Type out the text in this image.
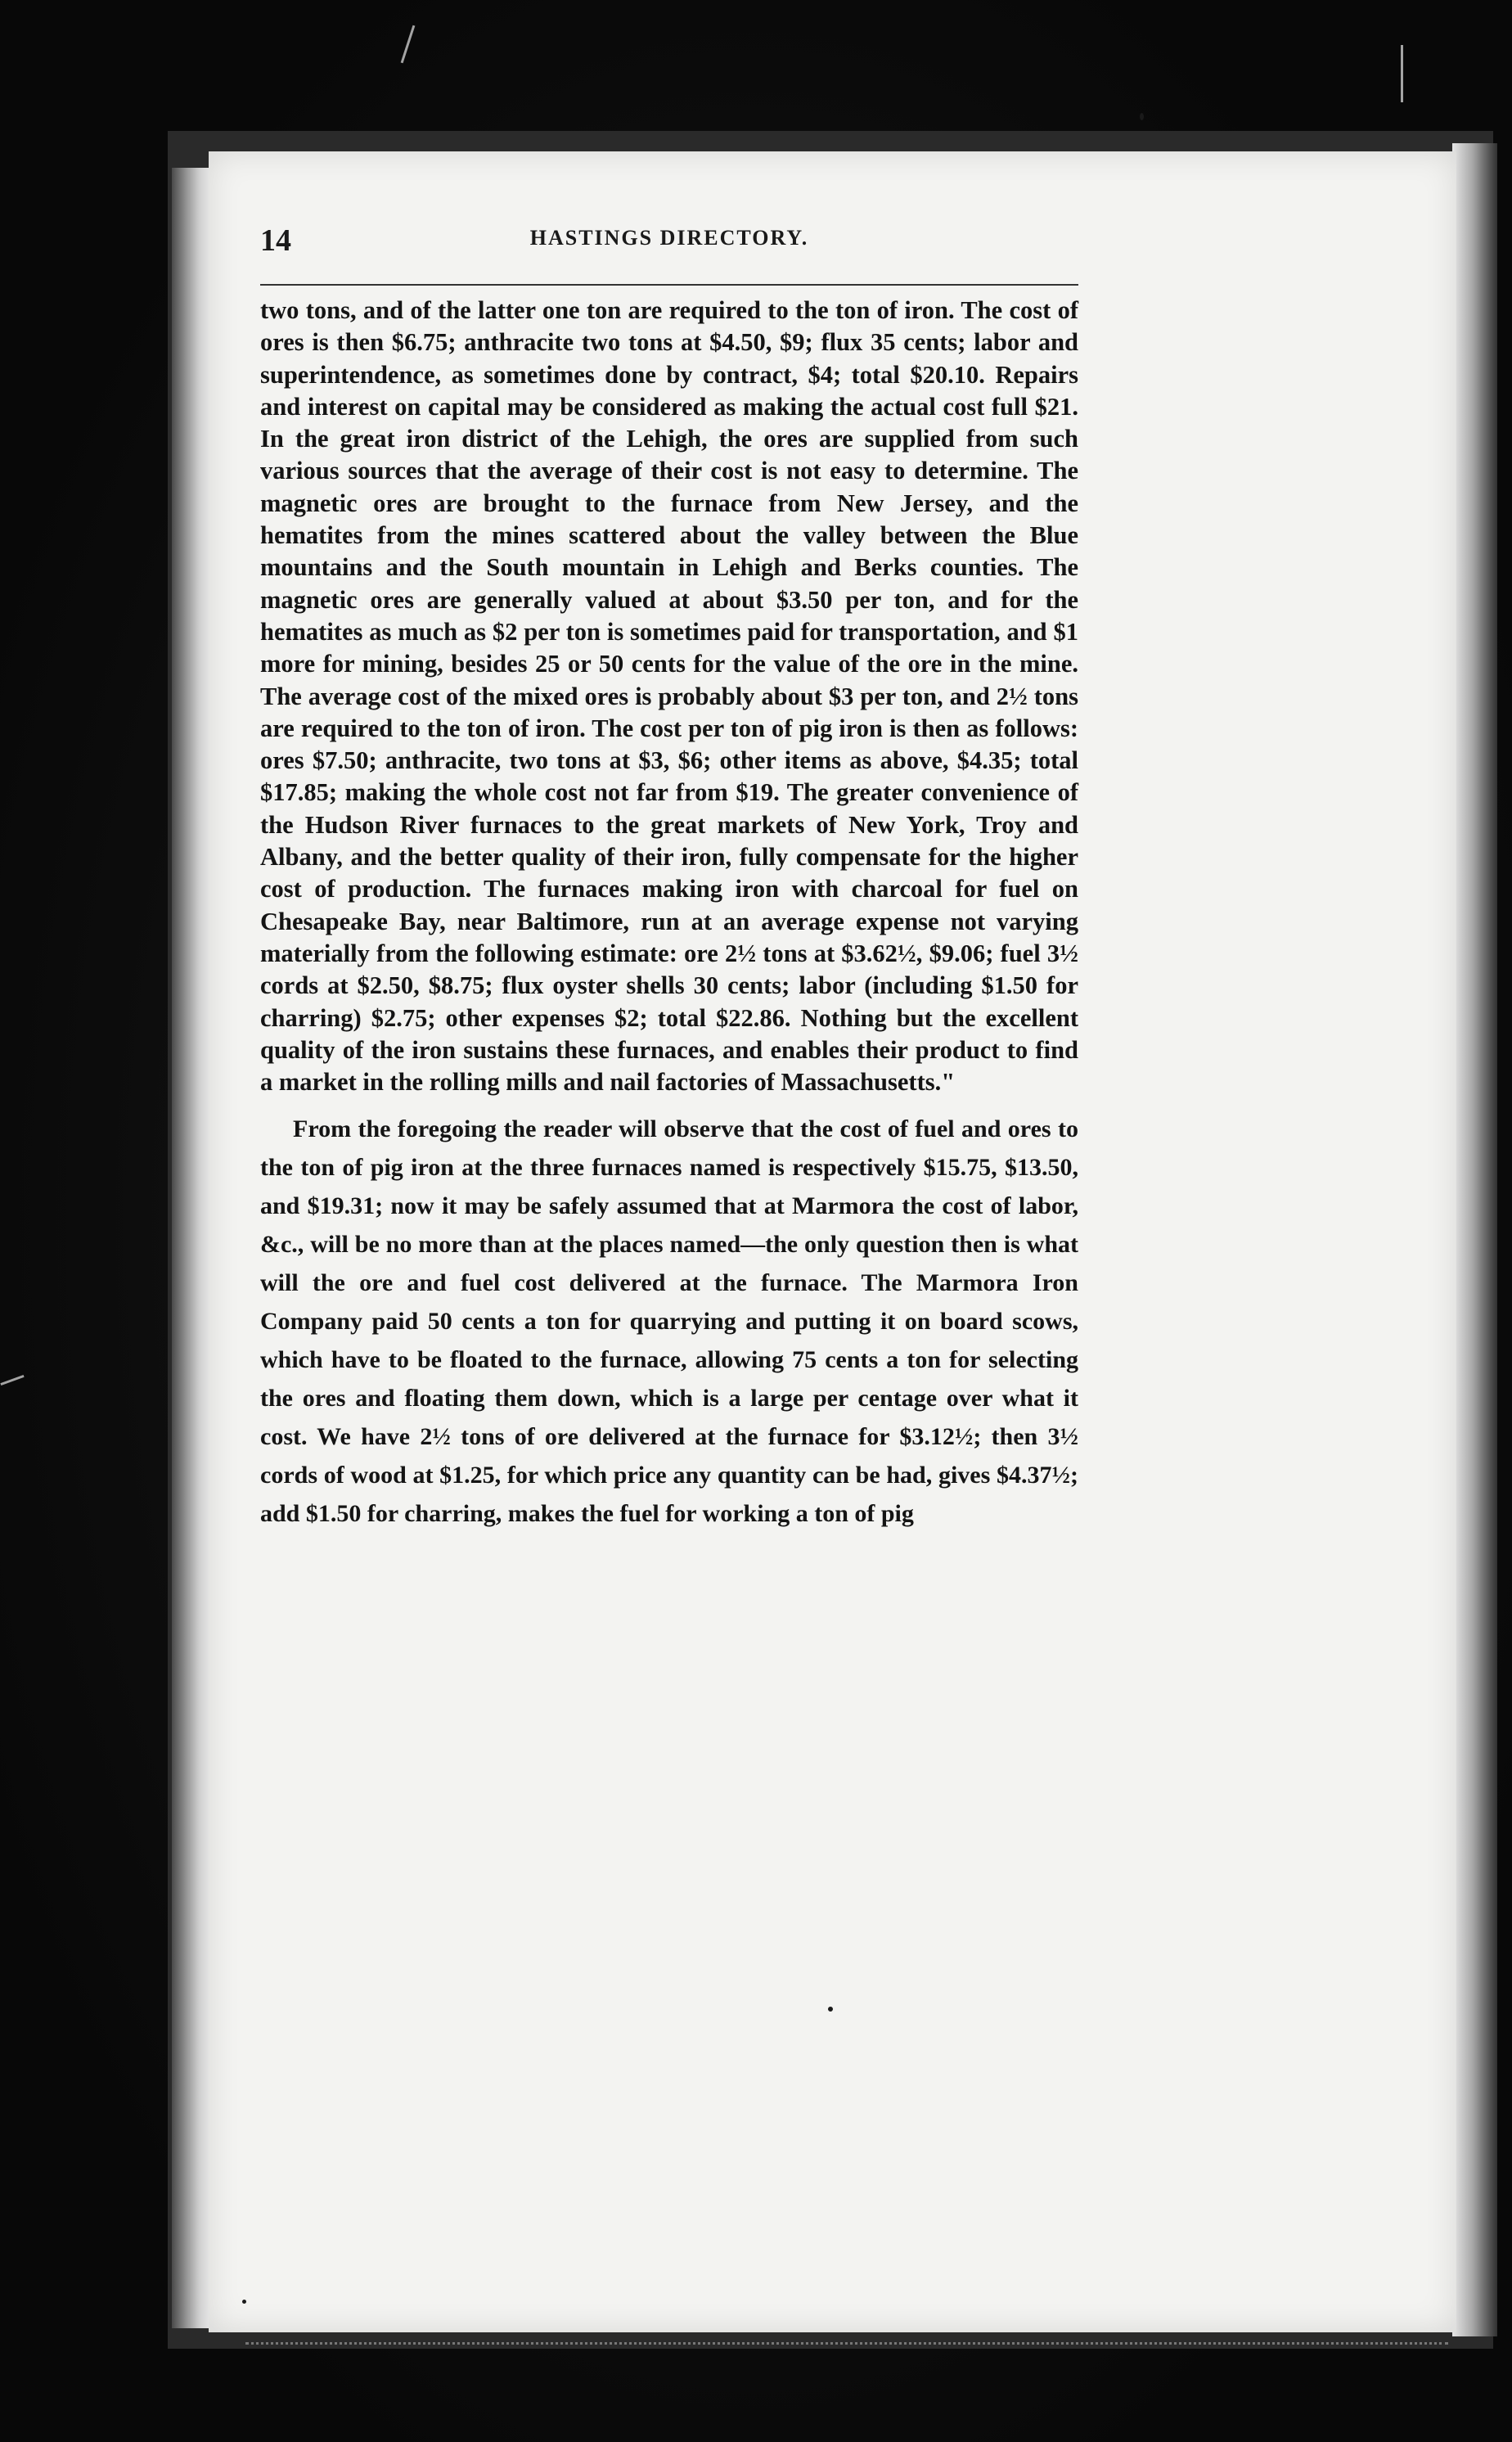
14	HASTINGS DIRECTORY.

two tons, and of the latter one ton are required to the ton of iron. The cost of ores is then $6.75; anthracite two tons at $4.50, $9; flux 35 cents; labor and superintendence, as sometimes done by contract, $4; total $20.10. Repairs and interest on capital may be considered as making the actual cost full $21. In the great iron district of the Lehigh, the ores are supplied from such various sources that the average of their cost is not easy to determine. The magnetic ores are brought to the furnace from New Jersey, and the hematites from the mines scattered about the valley between the Blue mountains and the South mountain in Lehigh and Berks counties. The magnetic ores are generally valued at about $3.50 per ton, and for the hematites as much as $2 per ton is sometimes paid for transportation, and $1 more for mining, besides 25 or 50 cents for the value of the ore in the mine. The average cost of the mixed ores is probably about $3 per ton, and 2½ tons are required to the ton of iron. The cost per ton of pig iron is then as follows: ores $7.50; anthracite, two tons at $3, $6; other items as above, $4.35; total $17.85; making the whole cost not far from $19. The greater convenience of the Hudson River furnaces to the great markets of New York, Troy and Albany, and the better quality of their iron, fully compensate for the higher cost of production. The furnaces making iron with charcoal for fuel on Chesapeake Bay, near Baltimore, run at an average expense not varying materially from the following estimate: ore 2½ tons at $3.62½, $9.06; fuel 3½ cords at $2.50, $8.75; flux oyster shells 30 cents; labor (including $1.50 for charring) $2.75; other expenses $2; total $22.86. Nothing but the excellent quality of the iron sustains these furnaces, and enables their product to find a market in the rolling mills and nail factories of Massachusetts."

From the foregoing the reader will observe that the cost of fuel and ores to the ton of pig iron at the three furnaces named is respectively $15.75, $13.50, and $19.31; now it may be safely assumed that at Marmora the cost of labor, &c., will be no more than at the places named—the only question then is what will the ore and fuel cost delivered at the furnace. The Marmora Iron Company paid 50 cents a ton for quarrying and putting it on board scows, which have to be floated to the furnace, allowing 75 cents a ton for selecting the ores and floating them down, which is a large per centage over what it cost. We have 2½ tons of ore delivered at the furnace for $3.12½; then 3½ cords of wood at $1.25, for which price any quantity can be had, gives $4.37½; add $1.50 for charring, makes the fuel for working a ton of pig
